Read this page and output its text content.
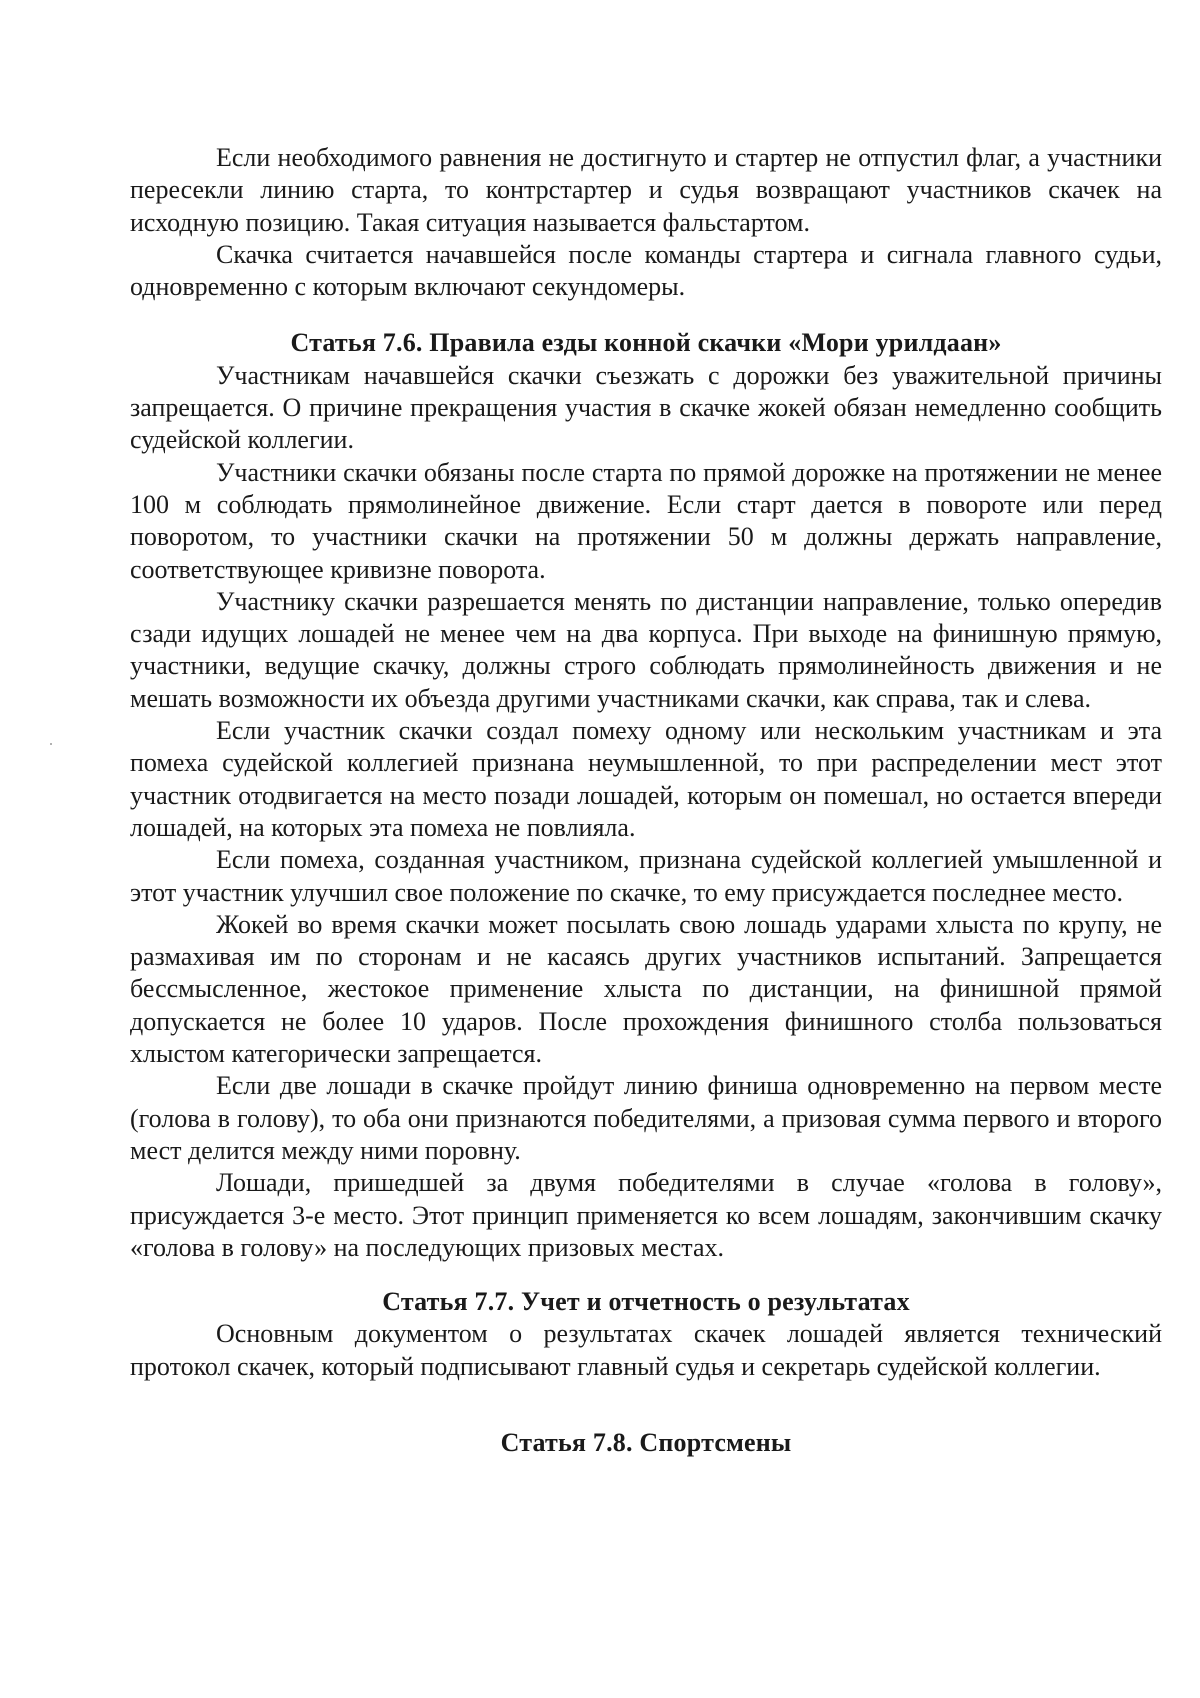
Если необходимого равнения не достигнуто и стартер не отпустил флаг, а участники пересекли линию старта, то контрстартер и судья возвращают участников скачек на исходную позицию. Такая ситуация называется фальстартом.

Скачка считается начавшейся после команды стартера и сигнала главного судьи, одновременно с которым включают секундомеры.

Статья 7.6. Правила езды конной скачки «Мори урилдаан»

Участникам начавшейся скачки съезжать с дорожки без уважительной причины запрещается. О причине прекращения участия в скачке жокей обязан немедленно сообщить судейской коллегии.

Участники скачки обязаны после старта по прямой дорожке на протяжении не менее 100 м соблюдать прямолинейное движение. Если старт дается в повороте или перед поворотом, то участники скачки на протяжении 50 м должны держать направление, соответствующее кривизне поворота.

Участнику скачки разрешается менять по дистанции направление, только опередив сзади идущих лошадей не менее чем на два корпуса. При выходе на финишную прямую, участники, ведущие скачку, должны строго соблюдать прямолинейность движения и не мешать возможности их объезда другими участниками скачки, как справа, так и слева.

Если участник скачки создал помеху одному или нескольким участникам и эта помеха судейской коллегией признана неумышленной, то при распределении мест этот участник отодвигается на место позади лошадей, которым он помешал, но остается впереди лошадей, на которых эта помеха не повлияла.

Если помеха, созданная участником, признана судейской коллегией умышленной и этот участник улучшил свое положение по скачке, то ему присуждается последнее место.

Жокей во время скачки может посылать свою лошадь ударами хлыста по крупу, не размахивая им по сторонам и не касаясь других участников испытаний. Запрещается бессмысленное, жестокое применение хлыста по дистанции, на финишной прямой допускается не более 10 ударов. После прохождения финишного столба пользоваться хлыстом категорически запрещается.

Если две лошади в скачке пройдут линию финиша одновременно на первом месте (голова в голову), то оба они признаются победителями, а призовая сумма первого и второго мест делится между ними поровну.

Лошади, пришедшей за двумя победителями в случае «голова в голову», присуждается 3-е место. Этот принцип применяется ко всем лошадям, закончившим скачку «голова в голову» на последующих призовых местах.

Статья 7.7. Учет и отчетность о результатах

Основным документом о результатах скачек лошадей является технический протокол скачек, который подписывают главный судья и секретарь судейской коллегии.

Статья 7.8. Спортсмены
